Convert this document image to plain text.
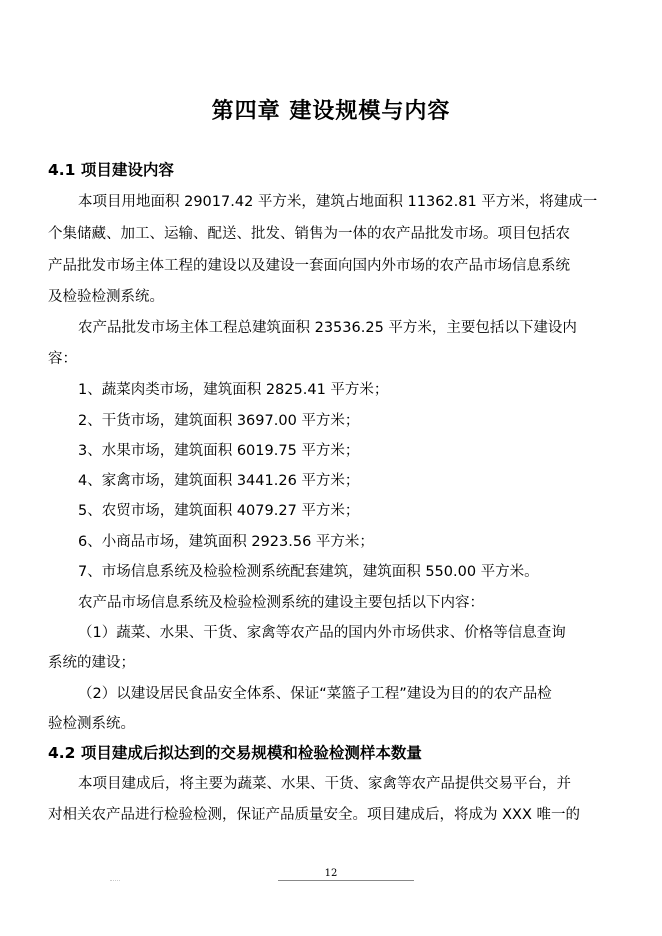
第四章 建设规模与内容
4.1 项目建设内容
本项目用地面积 29017.42 平方米，建筑占地面积 11362.81 平方米，将建成一
个集储藏、加工、运输、配送、批发、销售为一体的农产品批发市场。项目包括农
产品批发市场主体工程的建设以及建设一套面向国内外市场的农产品市场信息系统
及检验检测系统。
农产品批发市场主体工程总建筑面积 23536.25 平方米，主要包括以下建设内
容：
1、蔬菜肉类市场，建筑面积 2825.41 平方米；
2、干货市场，建筑面积 3697.00 平方米；
3、水果市场，建筑面积 6019.75 平方米；
4、家禽市场，建筑面积 3441.26 平方米；
5、农贸市场，建筑面积 4079.27 平方米；
6、小商品市场，建筑面积 2923.56 平方米；
7、市场信息系统及检验检测系统配套建筑，建筑面积 550.00 平方米。
农产品市场信息系统及检验检测系统的建设主要包括以下内容：
（1）蔬菜、水果、干货、家禽等农产品的国内外市场供求、价格等信息查询
系统的建设；
（2）以建设居民食品安全体系、保证“菜篮子工程”建设为目的的农产品检
验检测系统。
4.2 项目建成后拟达到的交易规模和检验检测样本数量
本项目建成后，将主要为蔬菜、水果、干货、家禽等农产品提供交易平台，并
对相关农产品进行检验检测，保证产品质量安全。项目建成后，将成为 XXX 唯一的
12
